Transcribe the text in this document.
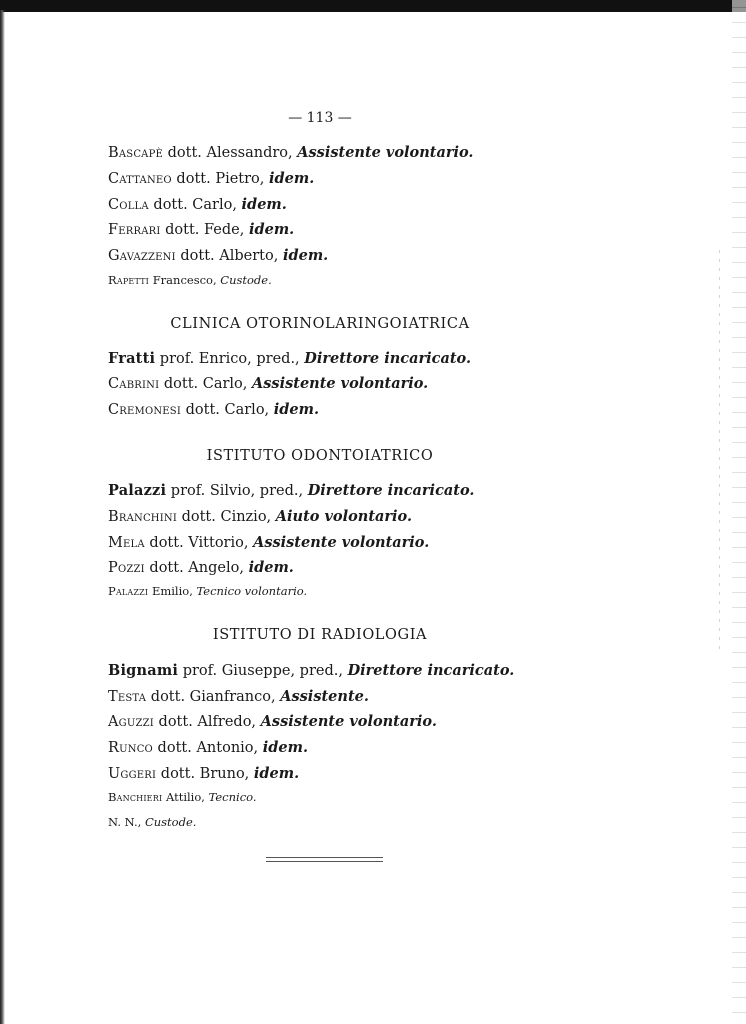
— 113 —
Bascapè dott. Alessandro, Assistente volontario.
Cattaneo dott. Pietro, idem.
Colla dott. Carlo, idem.
Ferrari dott. Fede, idem.
Gavazzeni dott. Alberto, idem.
Rapetti Francesco, Custode.
CLINICA OTORINOLARINGOIATRICA
Fratti prof. Enrico, pred., Direttore incaricato.
Cabrini dott. Carlo, Assistente volontario.
Cremonesi dott. Carlo, idem.
ISTITUTO ODONTOIATRICO
Palazzi prof. Silvio, pred., Direttore incaricato.
Branchini dott. Cinzio, Aiuto volontario.
Mela dott. Vittorio, Assistente volontario.
Pozzi dott. Angelo, idem.
Palazzi Emilio, Tecnico volontario.
ISTITUTO DI RADIOLOGIA
Bignami prof. Giuseppe, pred., Direttore incaricato.
Testa dott. Gianfranco, Assistente.
Aguzzi dott. Alfredo, Assistente volontario.
Runco dott. Antonio, idem.
Uggeri dott. Bruno, idem.
Banchieri Attilio, Tecnico.
N. N., Custode.
